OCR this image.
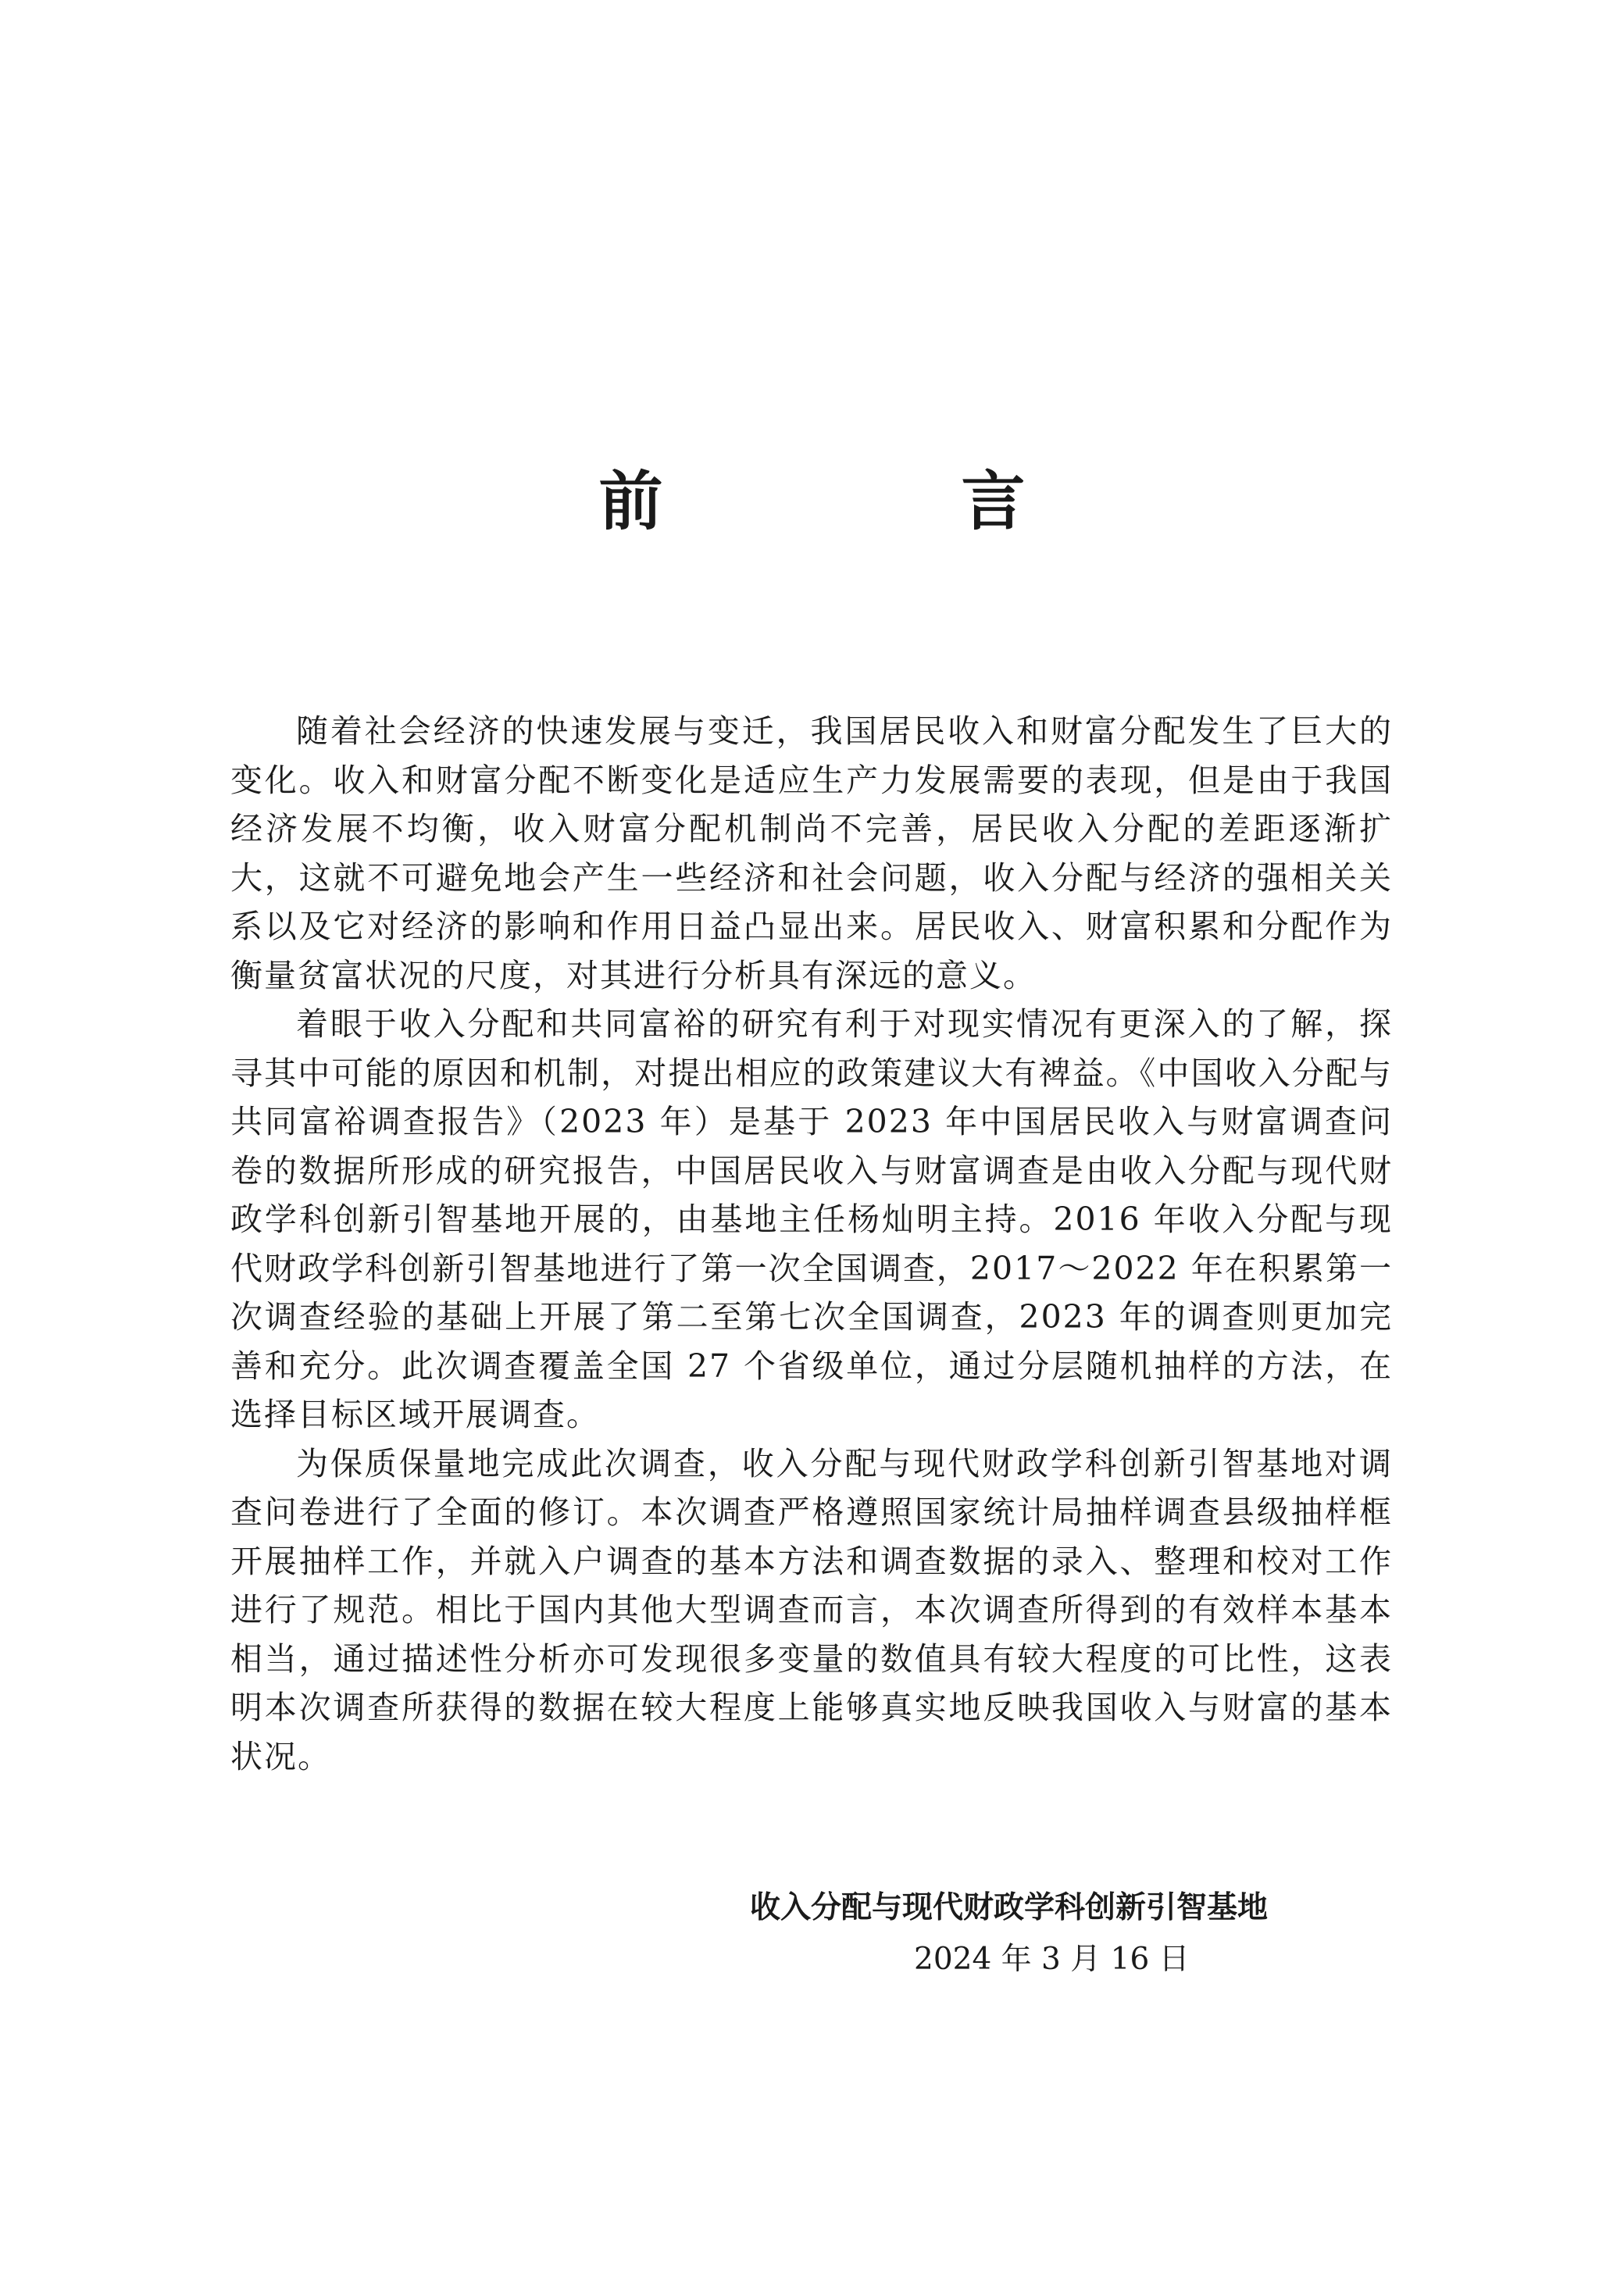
前　言

随着社会经济的快速发展与变迁，我国居民收入和财富分配发生了巨大的变化。收入和财富分配不断变化是适应生产力发展需要的表现，但是由于我国经济发展不均衡，收入财富分配机制尚不完善，居民收入分配的差距逐渐扩大，这就不可避免地会产生一些经济和社会问题，收入分配与经济的强相关关系以及它对经济的影响和作用日益凸显出来。居民收入、财富积累和分配作为衡量贫富状况的尺度，对其进行分析具有深远的意义。

着眼于收入分配和共同富裕的研究有利于对现实情况有更深入的了解，探寻其中可能的原因和机制，对提出相应的政策建议大有裨益。《中国收入分配与共同富裕调查报告》（2023 年）是基于 2023 年中国居民收入与财富调查问卷的数据所形成的研究报告，中国居民收入与财富调查是由收入分配与现代财政学科创新引智基地开展的，由基地主任杨灿明主持。2016 年收入分配与现代财政学科创新引智基地进行了第一次全国调查，2017～2022 年在积累第一次调查经验的基础上开展了第二至第七次全国调查，2023 年的调查则更加完善和充分。此次调查覆盖全国 27 个省级单位，通过分层随机抽样的方法，在选择目标区域开展调查。

为保质保量地完成此次调查，收入分配与现代财政学科创新引智基地对调查问卷进行了全面的修订。本次调查严格遵照国家统计局抽样调查县级抽样框开展抽样工作，并就入户调查的基本方法和调查数据的录入、整理和校对工作进行了规范。相比于国内其他大型调查而言，本次调查所得到的有效样本基本相当，通过描述性分析亦可发现很多变量的数值具有较大程度的可比性，这表明本次调查所获得的数据在较大程度上能够真实地反映我国收入与财富的基本状况。

收入分配与现代财政学科创新引智基地

2024 年 3 月 16 日
